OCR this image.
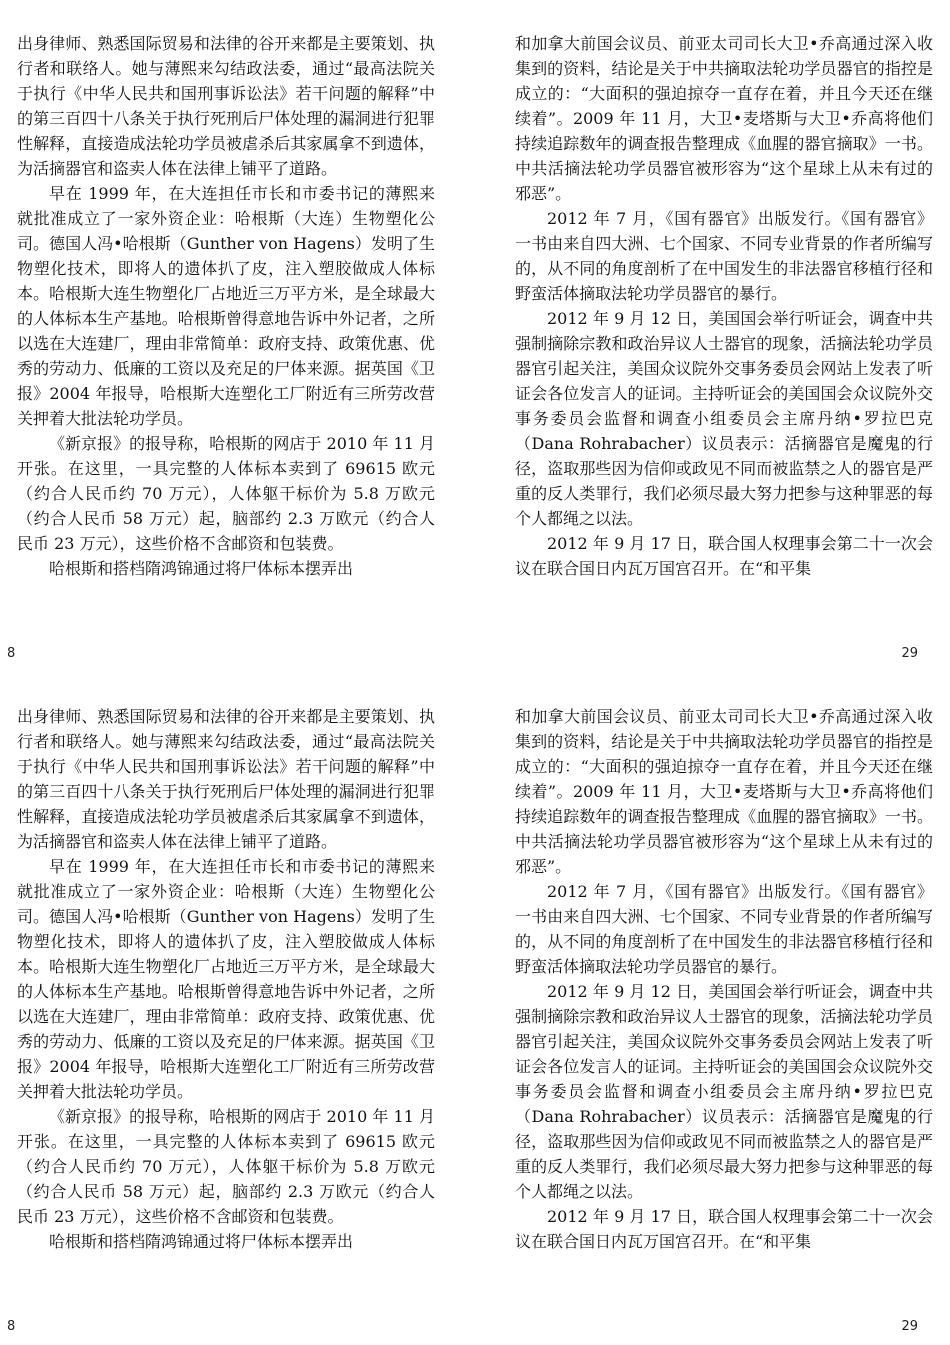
出身律师、熟悉国际贸易和法律的谷开来都是主要策划、执行者和联络人。她与薄熙来勾结政法委，通过“最高法院关于执行《中华人民共和国刑事诉讼法》若干问题的解释”中的第三百四十八条关于执行死刑后尸体处理的漏洞进行犯罪性解释，直接造成法轮功学员被虐杀后其家属拿不到遗体，为活摘器官和盗卖人体在法律上铺平了道路。

早在 1999 年，在大连担任市长和市委书记的薄熙来就批准成立了一家外资企业：哈根斯（大连）生物塑化公司。德国人冯•哈根斯（Gunther von Hagens）发明了生物塑化技术，即将人的遗体扒了皮，注入塑胶做成人体标本。哈根斯大连生物塑化厂占地近三万平方米，是全球最大的人体标本生产基地。哈根斯曾得意地告诉中外记者，之所以选在大连建厂，理由非常简单：政府支持、政策优惠、优秀的劳动力、低廉的工资以及充足的尸体来源。据英国《卫报》2004 年报导，哈根斯大连塑化工厂附近有三所劳改营关押着大批法轮功学员。

《新京报》的报导称，哈根斯的网店于 2010 年 11 月开张。在这里，一具完整的人体标本卖到了 69615 欧元（约合人民币约 70 万元），人体躯干标价为 5.8 万欧元（约合人民币 58 万元）起，脑部约 2.3 万欧元（约合人民币 23 万元），这些价格不含邮资和包装费。

哈根斯和搭档隋鸿锦通过将尸体标本摆弄出

8

和加拿大前国会议员、前亚太司司长大卫•乔高通过深入收集到的资料，结论是关于中共摘取法轮功学员器官的指控是成立的：“大面积的强迫掠夺一直存在着，并且今天还在继续着”。2009 年 11 月，大卫•麦塔斯与大卫•乔高将他们持续追踪数年的调查报告整理成《血腥的器官摘取》一书。中共活摘法轮功学员器官被形容为“这个星球上从未有过的邪恶”。

2012 年 7 月，《国有器官》出版发行。《国有器官》一书由来自四大洲、七个国家、不同专业背景的作者所编写的，从不同的角度剖析了在中国发生的非法器官移植行径和野蛮活体摘取法轮功学员器官的暴行。

2012 年 9 月 12 日，美国国会举行听证会，调查中共强制摘除宗教和政治异议人士器官的现象，活摘法轮功学员器官引起关注，美国众议院外交事务委员会网站上发表了听证会各位发言人的证词。主持听证会的美国国会众议院外交事务委员会监督和调查小组委员会主席丹纳•罗拉巴克（Dana Rohrabacher）议员表示：活摘器官是魔鬼的行径，盗取那些因为信仰或政见不同而被监禁之人的器官是严重的反人类罪行，我们必须尽最大努力把参与这种罪恶的每个人都绳之以法。

2012 年 9 月 17 日，联合国人权理事会第二十一次会议在联合国日内瓦万国宫召开。在“和平集

29

出身律师、熟悉国际贸易和法律的谷开来都是主要策划、执行者和联络人。她与薄熙来勾结政法委，通过“最高法院关于执行《中华人民共和国刑事诉讼法》若干问题的解释”中的第三百四十八条关于执行死刑后尸体处理的漏洞进行犯罪性解释，直接造成法轮功学员被虐杀后其家属拿不到遗体，为活摘器官和盗卖人体在法律上铺平了道路。

早在 1999 年，在大连担任市长和市委书记的薄熙来就批准成立了一家外资企业：哈根斯（大连）生物塑化公司。德国人冯•哈根斯（Gunther von Hagens）发明了生物塑化技术，即将人的遗体扒了皮，注入塑胶做成人体标本。哈根斯大连生物塑化厂占地近三万平方米，是全球最大的人体标本生产基地。哈根斯曾得意地告诉中外记者，之所以选在大连建厂，理由非常简单：政府支持、政策优惠、优秀的劳动力、低廉的工资以及充足的尸体来源。据英国《卫报》2004 年报导，哈根斯大连塑化工厂附近有三所劳改营关押着大批法轮功学员。

《新京报》的报导称，哈根斯的网店于 2010 年 11 月开张。在这里，一具完整的人体标本卖到了 69615 欧元（约合人民币约 70 万元），人体躯干标价为 5.8 万欧元（约合人民币 58 万元）起，脑部约 2.3 万欧元（约合人民币 23 万元），这些价格不含邮资和包装费。

哈根斯和搭档隋鸿锦通过将尸体标本摆弄出

8

和加拿大前国会议员、前亚太司司长大卫•乔高通过深入收集到的资料，结论是关于中共摘取法轮功学员器官的指控是成立的：“大面积的强迫掠夺一直存在着，并且今天还在继续着”。2009 年 11 月，大卫•麦塔斯与大卫•乔高将他们持续追踪数年的调查报告整理成《血腥的器官摘取》一书。中共活摘法轮功学员器官被形容为“这个星球上从未有过的邪恶”。

2012 年 7 月，《国有器官》出版发行。《国有器官》一书由来自四大洲、七个国家、不同专业背景的作者所编写的，从不同的角度剖析了在中国发生的非法器官移植行径和野蛮活体摘取法轮功学员器官的暴行。

2012 年 9 月 12 日，美国国会举行听证会，调查中共强制摘除宗教和政治异议人士器官的现象，活摘法轮功学员器官引起关注，美国众议院外交事务委员会网站上发表了听证会各位发言人的证词。主持听证会的美国国会众议院外交事务委员会监督和调查小组委员会主席丹纳•罗拉巴克（Dana Rohrabacher）议员表示：活摘器官是魔鬼的行径，盗取那些因为信仰或政见不同而被监禁之人的器官是严重的反人类罪行，我们必须尽最大努力把参与这种罪恶的每个人都绳之以法。

2012 年 9 月 17 日，联合国人权理事会第二十一次会议在联合国日内瓦万国宫召开。在“和平集

29
